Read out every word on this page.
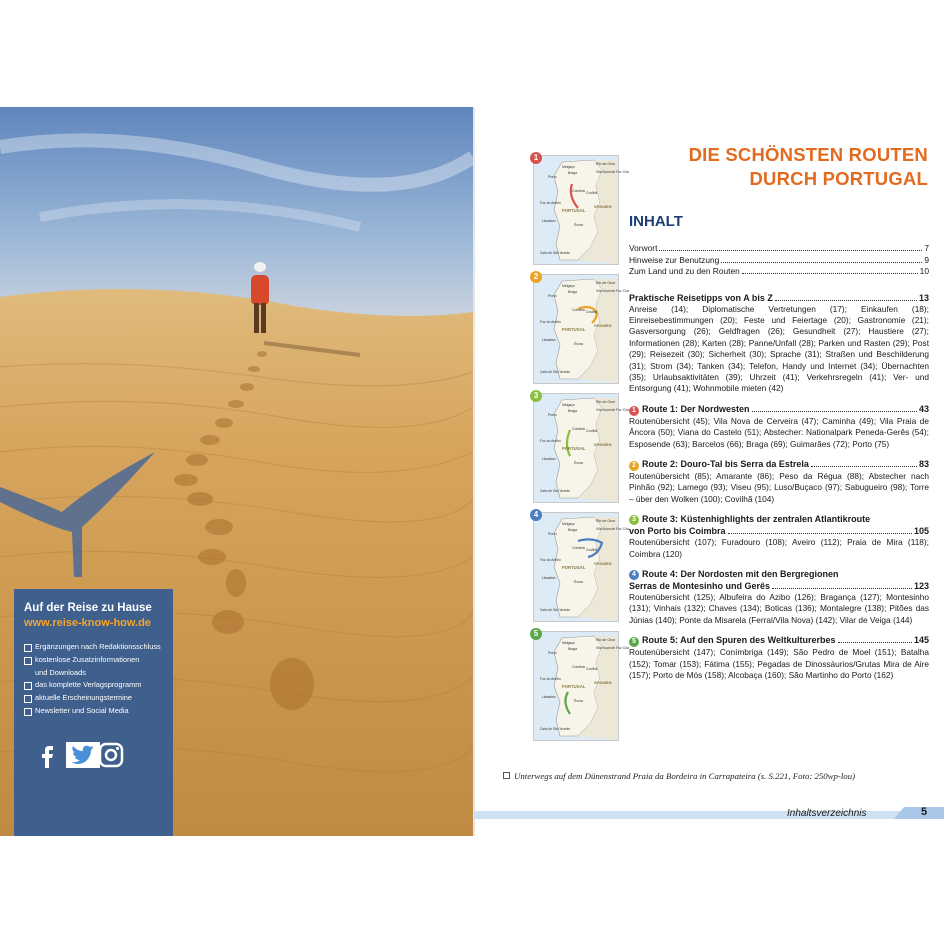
Auf der Reise zu Hause
www.reise-know-how.de
Ergänzungen nach Redaktionsschluss
kostenlose Zusatzinformationen
und Downloads
das komplette Verlagsprogramm
aktuelle Erscheinungstermine
Newsletter und Social Media
DIE SCHÖNSTEN ROUTEN
DURCH PORTUGAL
INHALT
Rio de Onor
Vila Nova de Foz Côa
Porto
Melgaço
Braga
Coimbra Covilhã
Foz do Arelho
PORTUGAL
SPANIEN
Évora
Lissabon
Cabo de São Vicente
1
Rio de Onor
Vila Nova de Foz Côa
Porto
Melgaço
Braga
Coimbra Covilhã
Foz do Arelho
PORTUGAL
SPANIEN
Évora
Lissabon
Cabo de São Vicente
2
Rio de Onor
Vila Nova de Foz Côa
Porto
Melgaço
Braga
Coimbra Covilhã
Foz do Arelho
PORTUGAL
SPANIEN
Évora
Lissabon
Cabo de São Vicente
3
Rio de Onor
Vila Nova de Foz Côa
Porto
Melgaço
Braga
Coimbra Covilhã
Foz do Arelho
PORTUGAL
SPANIEN
Évora
Lissabon
Cabo de São Vicente
4
Rio de Onor
Vila Nova de Foz Côa
Porto
Melgaço
Braga
Coimbra Covilhã
Foz do Arelho
PORTUGAL
SPANIEN
Évora
Lissabon
Cabo de São Vicente
5
Vorwort	7
Hinweise zur Benutzung	9
Zum Land und zu den Routen	10
Praktische Reisetipps von A bis Z	13
Anreise (14); Diplomatische Vertretungen (17); Einkaufen (18); Einreisebestimmungen (20); Feste und Feiertage (20); Gastronomie (21); Gasversorgung (26); Geldfragen (26); Gesundheit (27); Haustiere (27); Informationen (28); Karten (28); Panne/Unfall (28); Parken und Rasten (29); Post (29); Reisezeit (30); Sicherheit (30); Sprache (31); Straßen und Beschilderung (31); Strom (34); Tanken (34); Telefon, Handy und Internet (34); Übernachten (35); Urlaubsaktivitäten (39); Uhrzeit (41); Verkehrsregeln (41); Ver- und Entsorgung (41); Wohnmobile mieten (42)
1 Route 1: Der Nordwesten	43
Routenübersicht (45); Vila Nova de Cerveira (47); Caminha (49); Vila Praia de Âncora (50); Viana do Castelo (51); Abstecher: Nationalpark Peneda-Gerês (54); Esposende (63); Barcelos (66); Braga (69); Guimarães (72); Porto (75)
2 Route 2: Douro-Tal bis Serra da Estrela	83
Routenübersicht (85); Amarante (86); Peso da Régua (88); Abstecher nach Pinhão (92); Lamego (93); Viseu (95); Luso/Buçaco (97); Sabugueiro (98); Torre – über den Wolken (100); Covilhã (104)
3 Route 3: Küstenhighlights der zentralen Atlantikroute
von Porto bis Coimbra	105
Routenübersicht (107); Furadouro (108); Aveiro (112); Praia de Mira (118); Coimbra (120)
4 Route 4: Der Nordosten mit den Bergregionen
Serras de Montesinho und Gerês	123
Routenübersicht (125); Albufeira do Azibo (126); Bragança (127); Montesinho (131); Vinhais (132); Chaves (134); Boticas (136); Montalegre (138); Pitões das Júnias (140); Ponte da Misarela (Ferral/Vila Nova) (142); Vilar de Veiga (144)
5 Route 5: Auf den Spuren des Weltkulturerbes	145
Routenübersicht (147); Conímbriga (149); São Pedro de Moel (151); Batalha (152); Tomar (153); Fátima (155); Pegadas de Dinossáurios/Grutas Mira de Aire (157); Porto de Mós (158); Alcobaça (160); São Martinho do Porto (162)
Unterwegs auf dem Dünenstrand Praia da Bordeira in Carrapateira (s. S.221, Foto: 250wp-lou)
Inhaltsverzeichnis	5
